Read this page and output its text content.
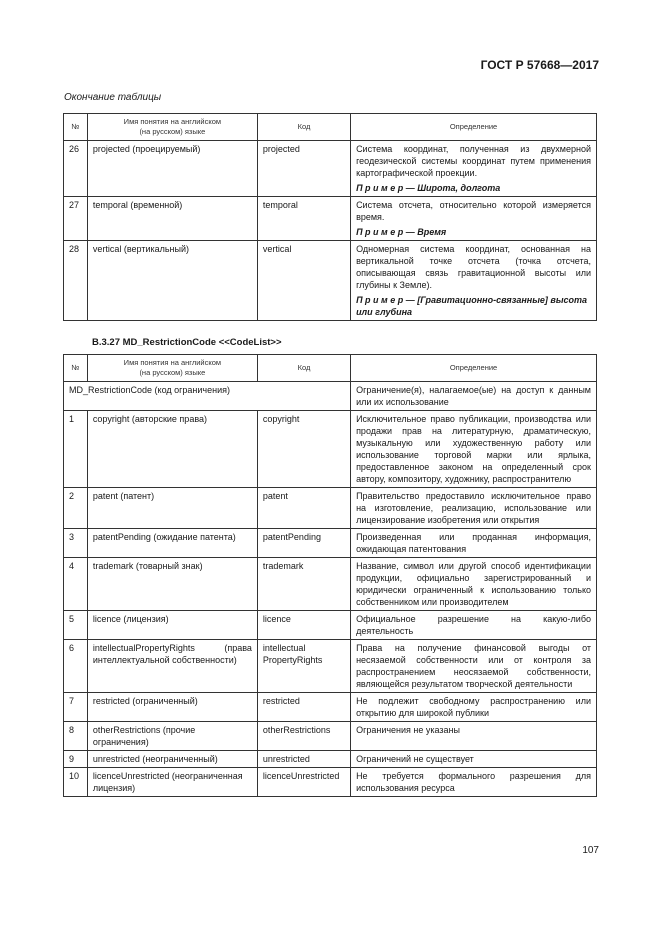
ГОСТ Р 57668—2017
Окончание таблицы
№	Имя понятия на английском
(на русском) языке	Код	Определение
26	projected (проецируемый)	projected	Система координат, полученная из двухмерной геодезической системы координат путем применения картографической проекции.
П р и м е р — Широта, долгота

27	temporal (временной)	temporal	Система отсчета, относительно которой измеряется время.
П р и м е р — Время

28	vertical (вертикальный)	vertical	Одномерная система координат, основанная на вертикальной точке отсчета (точка отсчета, описывающая связь гравитационной высоты или глубины к Земле).
П р и м е р — [Гравитационно-связанные] высота или глубина
B.3.27 MD_RestrictionCode <<CodeList>>
№	Имя понятия на английском
(на русском) языке	Код	Определение
MD_RestrictionCode (код ограничения)			Ограничение(я), налагаемое(ые) на доступ к данным или их использование
1	copyright (авторские права)	copyright	Исключительное право публикации, производства или продажи прав на литературную, драматическую, музыкальную или художественную работу или использование торговой марки или ярлыка, предоставленное законом на определенный срок автору, композитору, художнику, распространителю
2	patent (патент)	patent	Правительство предоставило исключительное право на изготовление, реализацию, использование или лицензирование изобретения или открытия
3	patentPending (ожидание патента)	patentPending	Произведенная или проданная информация, ожидающая патентования
4	trademark (товарный знак)	trademark	Название, символ или другой способ идентификации продукции, официально зарегистрированный и юридически ограниченный к использованию только собственником или производителем
5	licence (лицензия)	licence	Официальное разрешение на какую-либо деятельность
6	intellectualPropertyRights (права интеллектуальной собственности)	intellectual PropertyRights	Права на получение финансовой выгоды от несязаемой собственности или от контроля за распространением неосязаемой собственности, являющейся результатом творческой деятельности
7	restricted (ограниченный)	restricted	Не подлежит свободному распространению или открытию для широкой публики
8	otherRestrictions (прочие ограничения)	otherRestrictions	Ограничения не указаны
9	unrestricted (неограниченный)	unrestricted	Ограничений не существует
10	licenceUnrestricted (неограниченная лицензия)	licenceUnrestricted	Не требуется формального разрешения для использования ресурса
107
